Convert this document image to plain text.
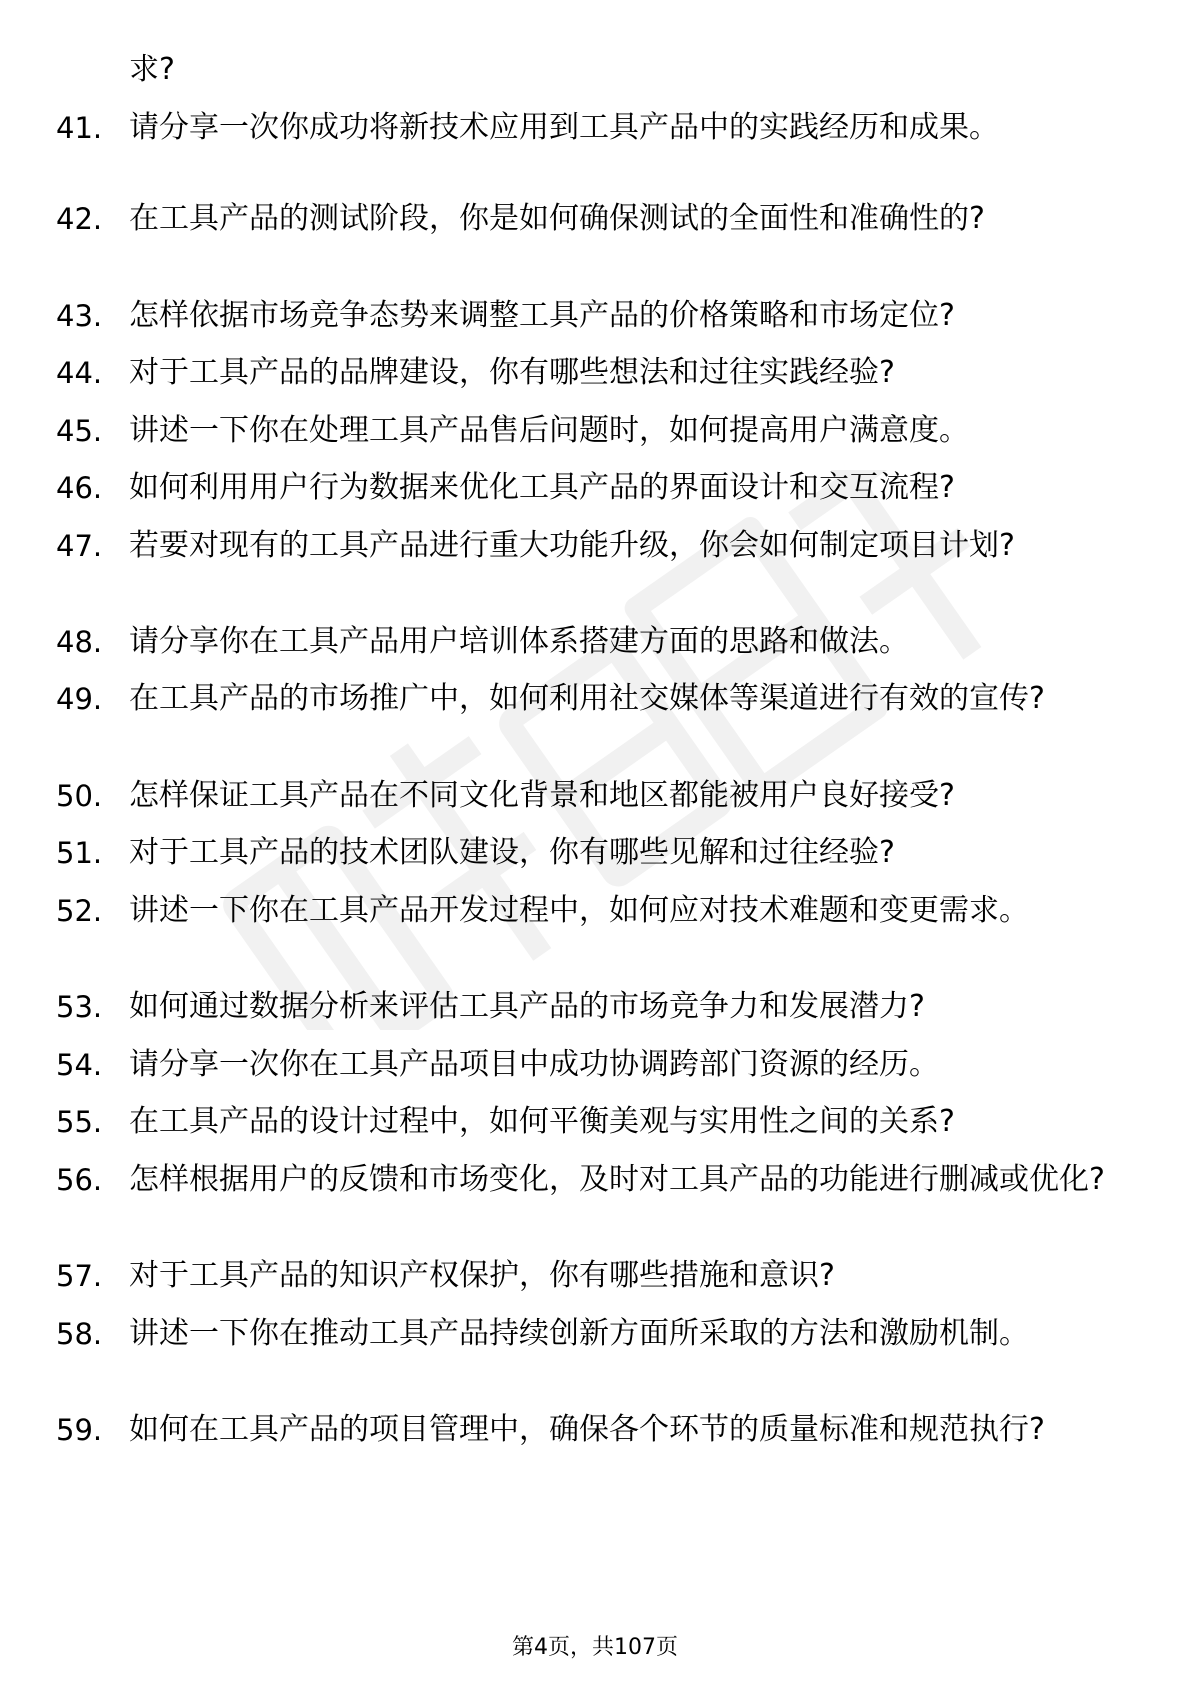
求?
41. 请分享一次你成功将新技术应用到工具产品中的实践经历和成果。
42. 在工具产品的测试阶段，你是如何确保测试的全面性和准确性的?
43. 怎样依据市场竞争态势来调整工具产品的价格策略和市场定位?
44. 对于工具产品的品牌建设，你有哪些想法和过往实践经验?
45. 讲述一下你在处理工具产品售后问题时，如何提高用户满意度。
46. 如何利用用户行为数据来优化工具产品的界面设计和交互流程?
47. 若要对现有的工具产品进行重大功能升级，你会如何制定项目计划?
48. 请分享你在工具产品用户培训体系搭建方面的思路和做法。
49. 在工具产品的市场推广中，如何利用社交媒体等渠道进行有效的宣传?
50. 怎样保证工具产品在不同文化背景和地区都能被用户良好接受?
51. 对于工具产品的技术团队建设，你有哪些见解和过往经验?
52. 讲述一下你在工具产品开发过程中，如何应对技术难题和变更需求。
53. 如何通过数据分析来评估工具产品的市场竞争力和发展潜力?
54. 请分享一次你在工具产品项目中成功协调跨部门资源的经历。
55. 在工具产品的设计过程中，如何平衡美观与实用性之间的关系?
56. 怎样根据用户的反馈和市场变化，及时对工具产品的功能进行删减或优化?
57. 对于工具产品的知识产权保护，你有哪些措施和意识?
58. 讲述一下你在推动工具产品持续创新方面所采取的方法和激励机制。
59. 如何在工具产品的项目管理中，确保各个环节的质量标准和规范执行?
第4页，共107页
